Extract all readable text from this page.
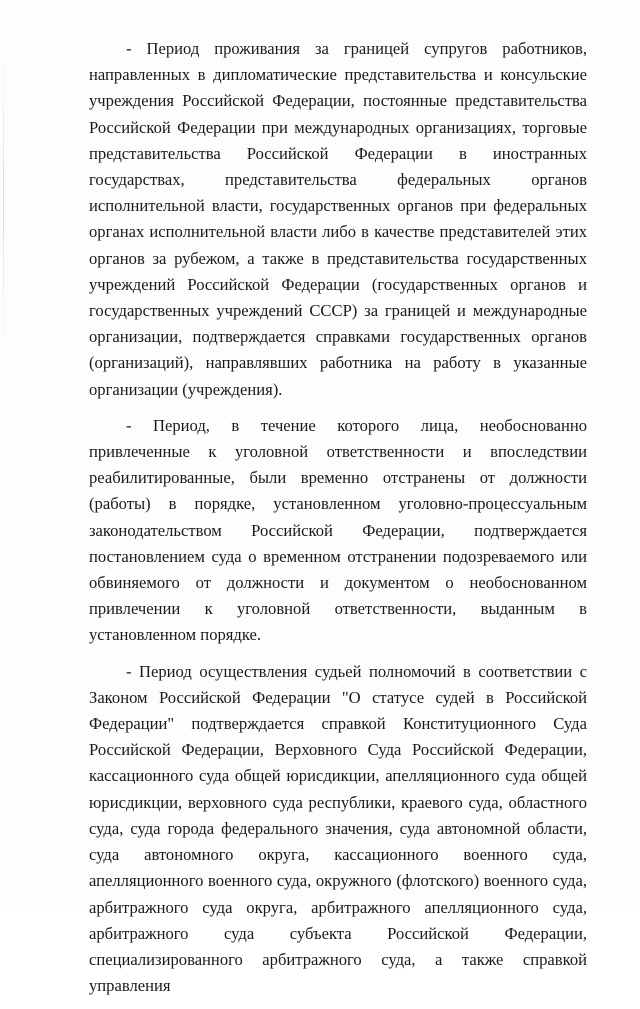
- Период проживания за границей супругов работников, направленных в дипломатические представительства и консульские учреждения Российской Федерации, постоянные представительства Российской Федерации при международных организациях, торговые представительства Российской Федерации в иностранных государствах, представительства федеральных органов исполнительной власти, государственных органов при федеральных органах исполнительной власти либо в качестве представителей этих органов за рубежом, а также в представительства государственных учреждений Российской Федерации (государственных органов и государственных учреждений СССР) за границей и международные организации, подтверждается справками государственных органов (организаций), направлявших работника на работу в указанные организации (учреждения).

- Период, в течение которого лица, необоснованно привлеченные к уголовной ответственности и впоследствии реабилитированные, были временно отстранены от должности (работы) в порядке, установленном уголовно-процессуальным законодательством Российской Федерации, подтверждается постановлением суда о временном отстранении подозреваемого или обвиняемого от должности и документом о необоснованном привлечении к уголовной ответственности, выданным в установленном порядке.

- Период осуществления судьей полномочий в соответствии с Законом Российской Федерации "О статусе судей в Российской Федерации" подтверждается справкой Конституционного Суда Российской Федерации, Верховного Суда Российской Федерации, кассационного суда общей юрисдикции, апелляционного суда общей юрисдикции, верховного суда республики, краевого суда, областного суда, суда города федерального значения, суда автономной области, суда автономного округа, кассационного военного суда, апелляционного военного суда, окружного (флотского) военного суда, арбитражного суда округа, арбитражного апелляционного суда, арбитражного суда субъекта Российской Федерации, специализированного арбитражного суда, а также справкой управления
